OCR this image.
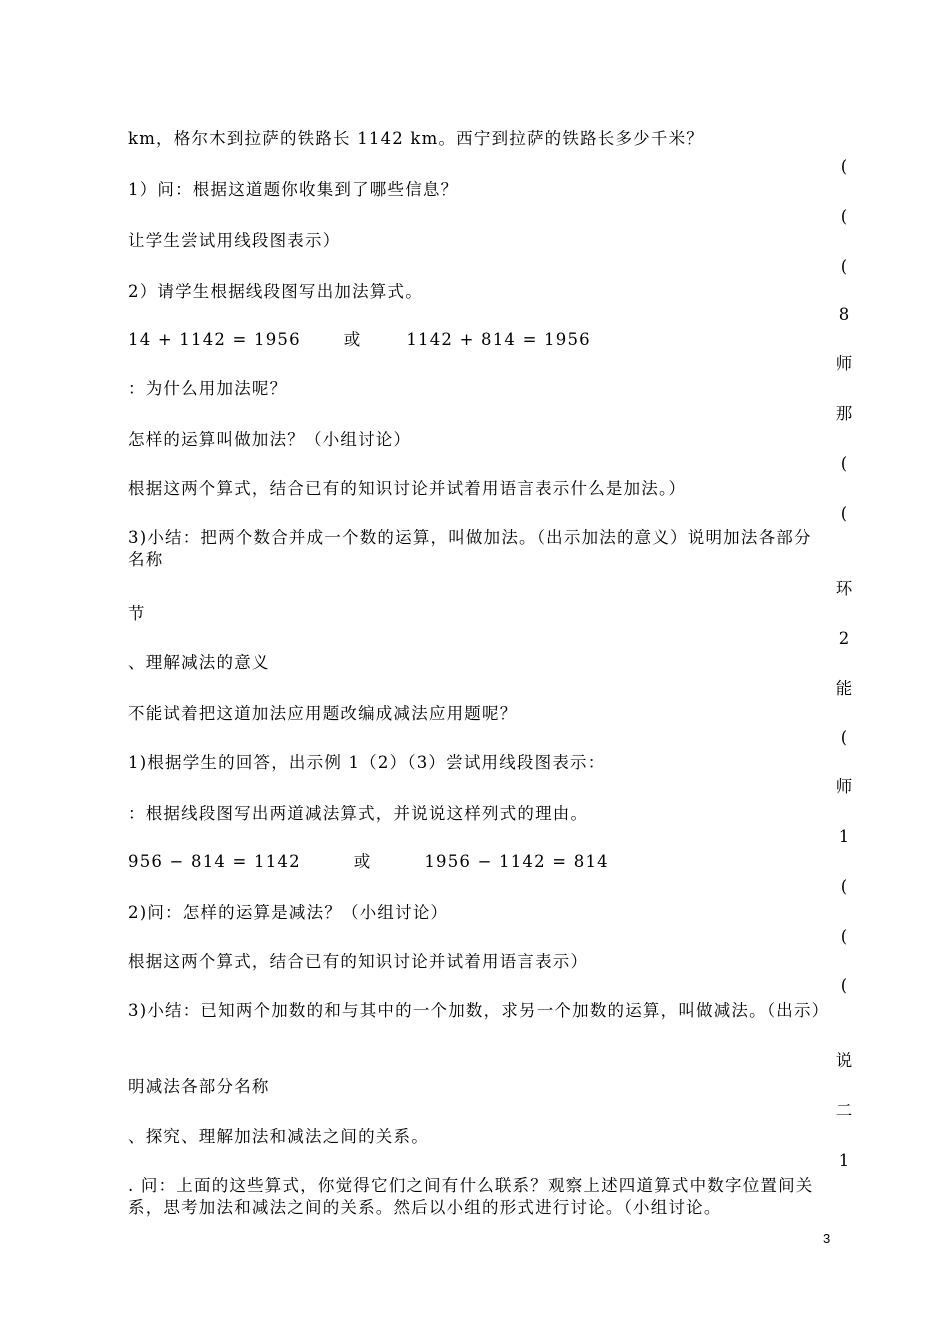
km，格尔木到拉萨的铁路长 1142 km。西宁到拉萨的铁路长多少千米？
1）问：根据这道题你收集到了哪些信息？
让学生尝试用线段图表示）
2）请学生根据线段图写出加法算式。
14 + 1142 = 1956	或	1142 + 814 = 1956
：为什么用加法呢？
怎样的运算叫做加法？（小组讨论）
根据这两个算式，结合已有的知识讨论并试着用语言表示什么是加法。）
3)小结：把两个数合并成一个数的运算，叫做加法。（出示加法的意义）说明加法各部分名称
节
、理解减法的意义
不能试着把这道加法应用题改编成减法应用题呢？
1)根据学生的回答，出示例 1（2）（3）尝试用线段图表示：
：根据线段图写出两道减法算式，并说说这样列式的理由。
956 − 814 = 1142	或	1956 − 1142 = 814
2)问：怎样的运算是减法？（小组讨论）
根据这两个算式，结合已有的知识讨论并试着用语言表示）
3)小结：已知两个加数的和与其中的一个加数，求另一个加数的运算，叫做减法。（出示）
明减法各部分名称
、探究、理解加法和减法之间的关系。
. 问：上面的这些算式，你觉得它们之间有什么联系？观察上述四道算式中数字位置间关系，思考加法和减法之间的关系。然后以小组的形式进行讨论。（小组讨论。
(
(
(
8
师
那
(
(
环
2
能
(
师
1
(
(
(
说
二
1
3
